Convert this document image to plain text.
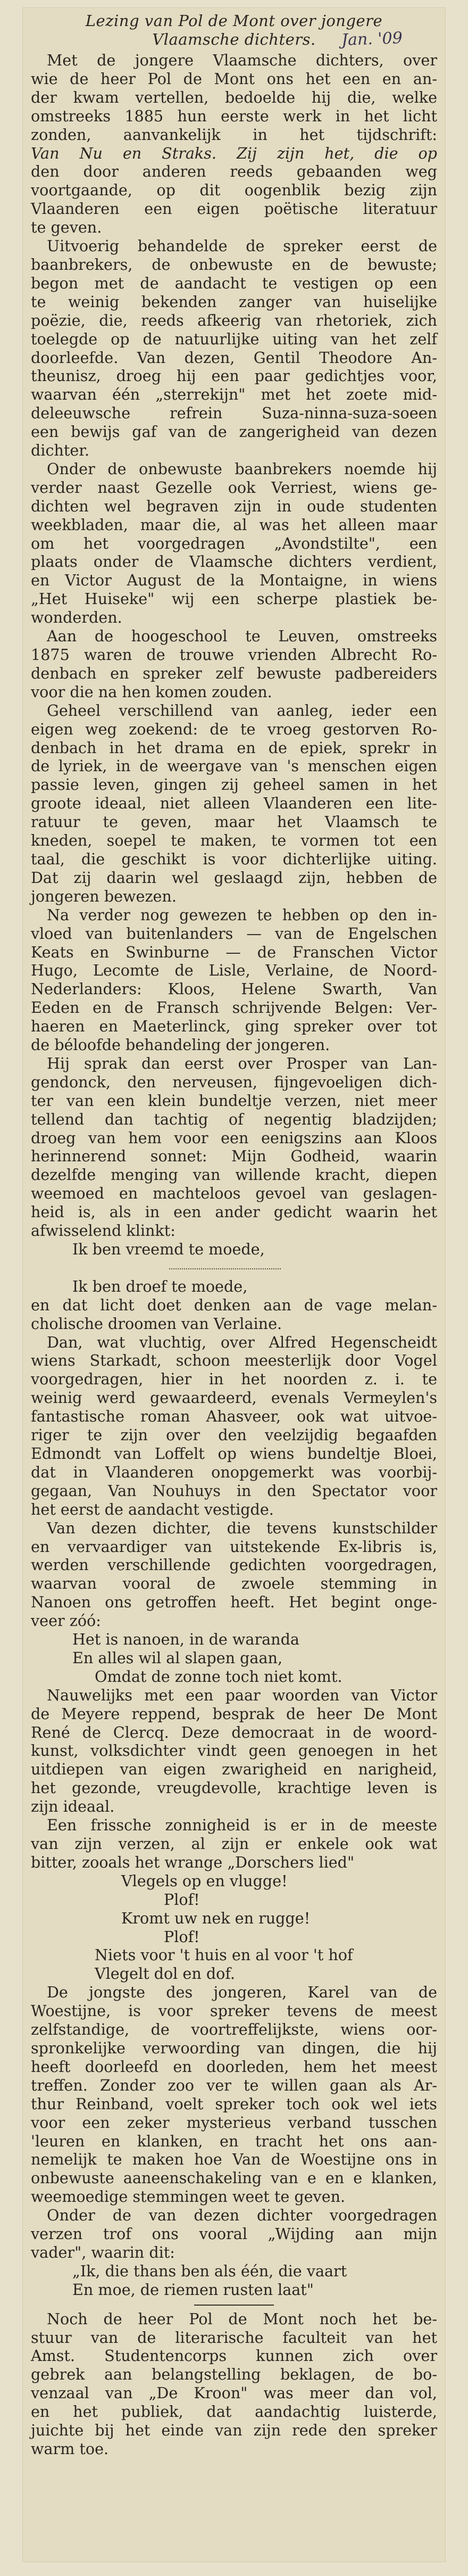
Lezing van Pol de Mont over jongere
Vlaamsche dichters.	Jan. '09

Met de jongere Vlaamsche dichters, over

wie de heer Pol de Mont ons het een en an-

der kwam vertellen, bedoelde hij die, welke

omstreeks 1885 hun eerste werk in het licht

zonden, aanvankelijk in het tijdschrift:

Van Nu en Straks. Zij zijn het, die op

den door anderen reeds gebaanden weg

voortgaande, op dit oogenblik bezig zijn

Vlaanderen een eigen poëtische literatuur

te geven.

Uitvoerig behandelde de spreker eerst de

baanbrekers, de onbewuste en de bewuste;

begon met de aandacht te vestigen op een

te weinig bekenden zanger van huiselijke

poëzie, die, reeds afkeerig van rhetoriek, zich

toelegde op de natuurlijke uiting van het zelf

doorleefde. Van dezen, Gentil Theodore An-

theunisz, droeg hij een paar gedichtjes voor,

waarvan één „sterrekijn" met het zoete mid-

deleeuwsche refrein Suza-ninna-suza-soeen

een bewijs gaf van de zangerigheid van dezen

dichter.

Onder de onbewuste baanbrekers noemde hij

verder naast Gezelle ook Verriest, wiens ge-

dichten wel begraven zijn in oude studenten

weekbladen, maar die, al was het alleen maar

om het voorgedragen „Avondstilte", een

plaats onder de Vlaamsche dichters verdient,

en Victor August de la Montaigne, in wiens

„Het Huiseke" wij een scherpe plastiek be-

wonderden.

Aan de hoogeschool te Leuven, omstreeks

1875 waren de trouwe vrienden Albrecht Ro-

denbach en spreker zelf bewuste padbereiders

voor die na hen komen zouden.

Geheel verschillend van aanleg, ieder een

eigen weg zoekend: de te vroeg gestorven Ro-

denbach in het drama en de epiek, sprekr in

de lyriek, in de weergave van 's menschen eigen

passie leven, gingen zij geheel samen in het

groote ideaal, niet alleen Vlaanderen een lite-

ratuur te geven, maar het Vlaamsch te

kneden, soepel te maken, te vormen tot een

taal, die geschikt is voor dichterlijke uiting.

Dat zij daarin wel geslaagd zijn, hebben de

jongeren bewezen.

Na verder nog gewezen te hebben op den in-

vloed van buitenlanders — van de Engelschen

Keats en Swinburne — de Franschen Victor

Hugo, Lecomte de Lisle, Verlaine, de Noord-

Nederlanders: Kloos, Helene Swarth, Van

Eeden en de Fransch schrijvende Belgen: Ver-

haeren en Maeterlinck, ging spreker over tot

de béloofde behandeling der jongeren.

Hij sprak dan eerst over Prosper van Lan-

gendonck, den nerveusen, fijngevoeligen dich-

ter van een klein bundeltje verzen, niet meer

tellend dan tachtig of negentig bladzijden;

droeg van hem voor een eenigszins aan Kloos

herinnerend sonnet: Mijn Godheid, waarin

dezelfde menging van willende kracht, diepen

weemoed en machteloos gevoel van geslagen-

heid is, als in een ander gedicht waarin het

afwisselend klinkt:

Ik ben vreemd te moede,

Ik ben droef te moede,

en dat licht doet denken aan de vage melan-

cholische droomen van Verlaine.

Dan, wat vluchtig, over Alfred Hegenscheidt

wiens Starkadt, schoon meesterlijk door Vogel

voorgedragen, hier in het noorden z. i. te

weinig werd gewaardeerd, evenals Vermeylen's

fantastische roman Ahasveer, ook wat uitvoe-

riger te zijn over den veelzijdig begaafden

Edmondt van Loffelt op wiens bundeltje Bloei,

dat in Vlaanderen onopgemerkt was voorbij-

gegaan, Van Nouhuys in den Spectator voor

het eerst de aandacht vestigde.

Van dezen dichter, die tevens kunstschilder

en vervaardiger van uitstekende Ex-libris is,

werden verschillende gedichten voorgedragen,

waarvan vooral de zwoele stemming in

Nanoen ons getroffen heeft. Het begint onge-

veer zóó:

Het is nanoen, in de waranda

En alles wil al slapen gaan,

Omdat de zonne toch niet komt.

Nauwelijks met een paar woorden van Victor

de Meyere reppend, besprak de heer De Mont

René de Clercq. Deze democraat in de woord-

kunst, volksdichter vindt geen genoegen in het

uitdiepen van eigen zwarigheid en narigheid,

het gezonde, vreugdevolle, krachtige leven is

zijn ideaal.

Een frissche zonnigheid is er in de meeste

van zijn verzen, al zijn er enkele ook wat

bitter, zooals het wrange „Dorschers lied"

Vlegels op en vlugge!

Plof!

Kromt uw nek en rugge!

Plof!

Niets voor 't huis en al voor 't hof

Vlegelt dol en dof.

De jongste des jongeren, Karel van de

Woestijne, is voor spreker tevens de meest

zelfstandige, de voortreffelijkste, wiens oor-

spronkelijke verwoording van dingen, die hij

heeft doorleefd en doorleden, hem het meest

treffen. Zonder zoo ver te willen gaan als Ar-

thur Reinband, voelt spreker toch ook wel iets

voor een zeker mysterieus verband tusschen

'leuren en klanken, en tracht het ons aan-

nemelijk te maken hoe Van de Woestijne ons in

onbewuste aaneenschakeling van e en e klanken,

weemoedige stemmingen weet te geven.

Onder de van dezen dichter voorgedragen

verzen trof ons vooral „Wijding aan mijn

vader", waarin dit:

„Ik, die thans ben als één, die vaart

En moe, de riemen rusten laat"

Noch de heer Pol de Mont noch het be-

stuur van de literarische faculteit van het

Amst. Studentencorps kunnen zich over

gebrek aan belangstelling beklagen, de bo-

venzaal van „De Kroon" was meer dan vol,

en het publiek, dat aandachtig luisterde,

juichte bij het einde van zijn rede den spreker

warm toe.
